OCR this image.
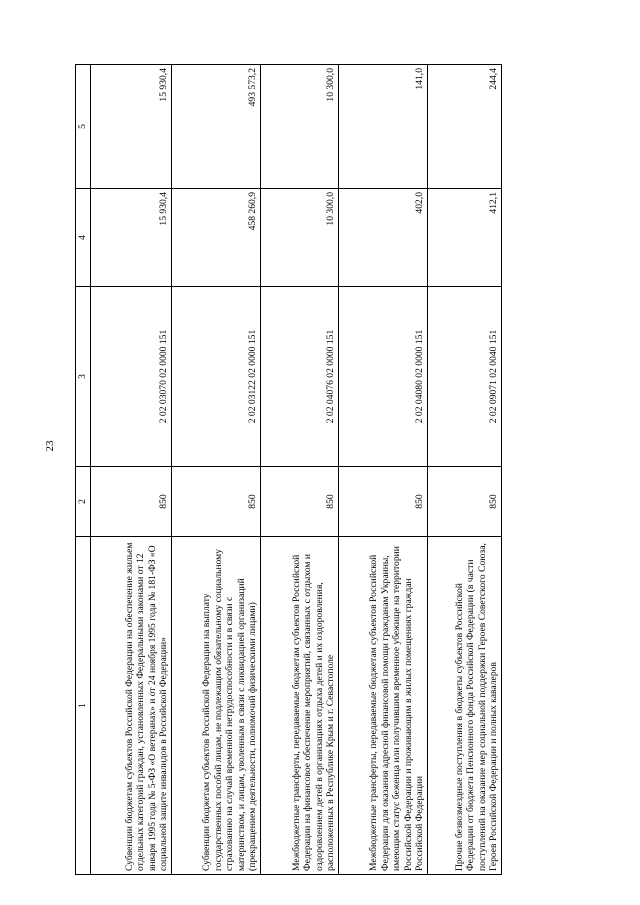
23
1	2	3	4	5
Субвенции бюджетам субъектов Российской Федерации на обеспечение жильем отдельных категорий граждан, установленных Федеральными законами от 12 января 1995 года № 5-ФЗ «О ветеранах» и от 24 ноября 1995 года № 181-ФЗ «О социальной защите инвалидов в Российской Федерации»	850	2 02 03070 02 0000 151	15 930,4	15 930,4
Субвенции бюджетам субъектов Российской Федерации на выплату государственных пособий лицам, не подлежащим обязательному социальному страхованию на случай временной нетрудоспособности и в связи с материнством, и лицам, уволенным в связи с ликвидацией организаций (прекращением деятельности, полномочий физическими лицами)	850	2 02 03122 02 0000 151	458 260,9	493 573,2
Межбюджетные трансферты, передаваемые бюджетам субъектов Российской Федерации на финансовое обеспечение мероприятий, связанных с отдыхом и оздоровлением детей в организациях отдыха детей и их оздоровления, расположенных в Республике Крым и г. Севастополе	850	2 02 04076 02 0000 151	10 300,0	10 300,0
Межбюджетные трансферты, передаваемые бюджетам субъектов Российской Федерации для оказания адресной финансовой помощи гражданам Украины, имеющим статус беженца или получившим временное убежище на территории Российской Федерации и проживающим в жилых помещениях граждан Российской Федерации	850	2 02 04080 02 0000 151	402,0	141,0
Прочие безвозмездные поступления в бюджеты субъектов Российской Федерации от бюджета Пенсионного фонда Российской Федерации (в части поступлений на оказание мер социальной поддержки Героев Советского Союза, Героев Российской Федерации и полных кавалеров	850	2 02 09071 02 0040 151	412,1	244,4
